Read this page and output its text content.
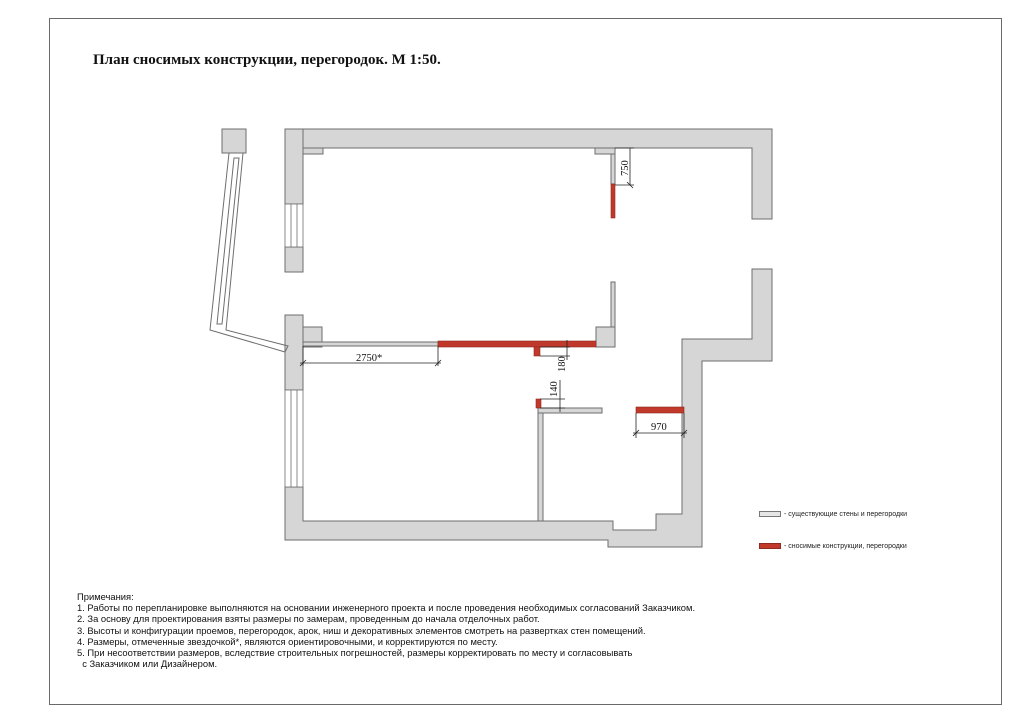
План сносимых конструкции, перегородок. М 1:50.
750
2750*	180
140
970
- существующие стены и перегородки
- сносимые конструкции, перегородки
Примечания:
1. Работы по перепланировке выполняются на основании инженерного проекта и после проведения необходимых согласований Заказчиком.
2. За основу для проектирования взяты размеры по замерам, проведенным до начала отделочных работ.
3. Высоты и конфигурации проемов, перегородок, арок, ниш и декоративных элементов смотреть на развертках стен помещений.
4. Размеры, отмеченные звездочкой*, являются ориентировочными, и корректируются по месту.
5. При несоответствии размеров, вследствие строительных погрешностей, размеры корректировать по месту и согласовывать
с Заказчиком или Дизайнером.
